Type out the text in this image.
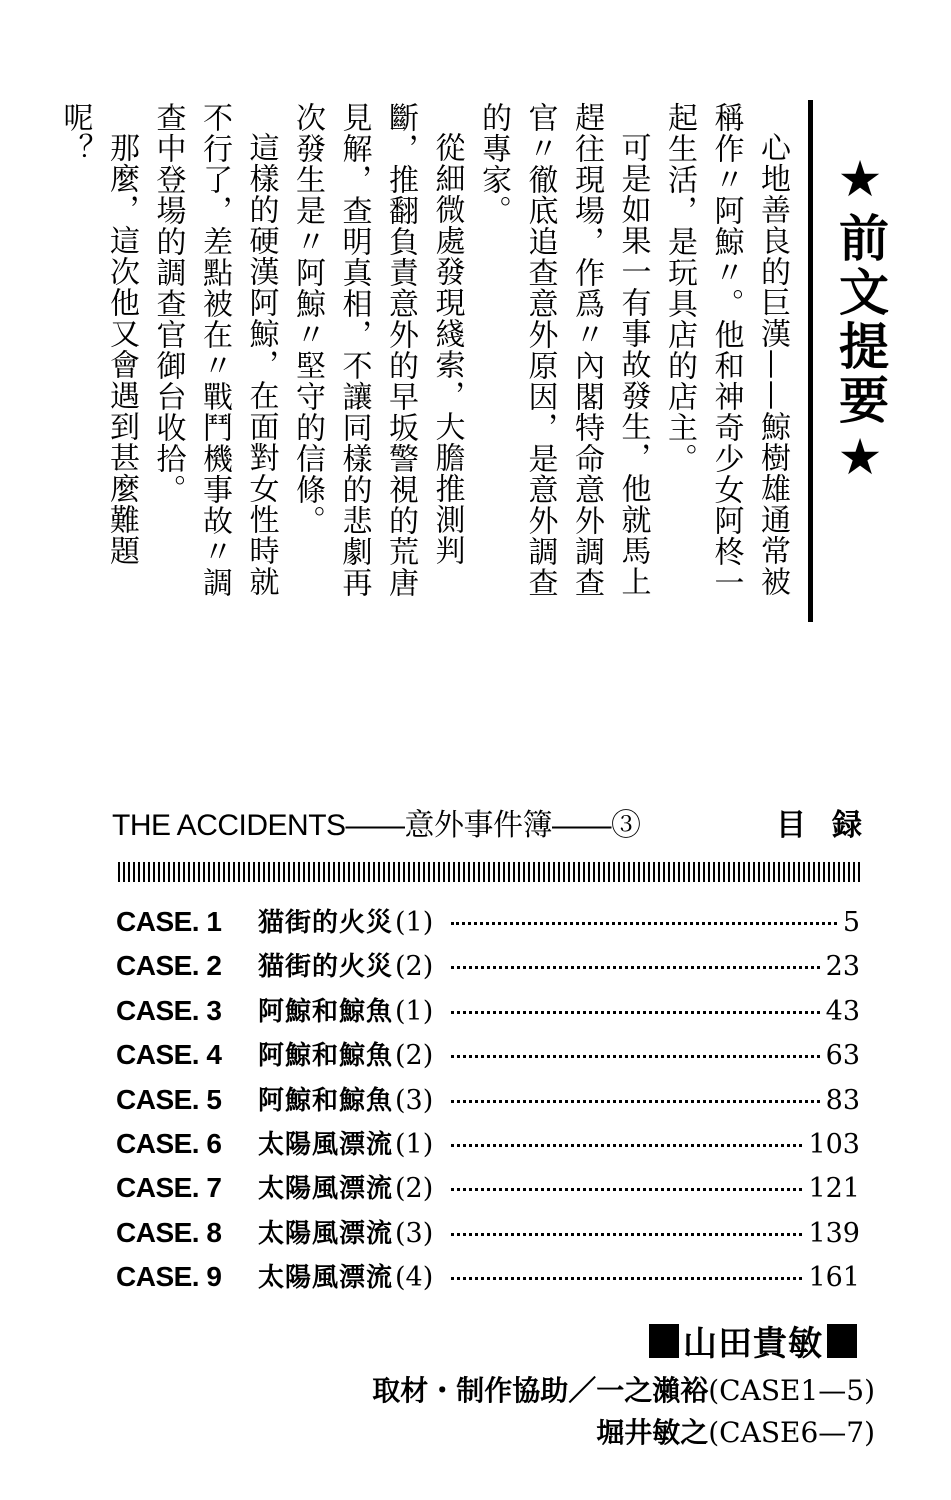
★前文提要★

心地善良的巨漢——鯨樹雄通常被稱作〃阿鯨〃。他和神奇少女阿柊一起生活，是玩具店的店主。

可是如果一有事故發生，他就馬上趕往現場，作爲〃內閣特命意外調查官〃徹底追查意外原因，是意外調查的專家。

從細微處發現綫索，大膽推測判斷，推翻負責意外的早坂警視的荒唐見解，查明真相，不讓同樣的悲劇再次發生是〃阿鯨〃堅守的信條。

這樣的硬漢阿鯨，在面對女性時就不行了，差點被在〃戰鬥機事故〃調查中登場的調查官御台收拾。

那麼，這次他又會遇到甚麼難題呢？

THE ACCIDENTS——意外事件簿——③	目録
CASE. 1	猫街的火災 (1)	5
CASE. 2	猫街的火災 (2)	23
CASE. 3	阿鯨和鯨魚 (1)	43
CASE. 4	阿鯨和鯨魚 (2)	63
CASE. 5	阿鯨和鯨魚 (3)	83
CASE. 6	太陽風漂流 (1)	103
CASE. 7	太陽風漂流 (2)	121
CASE. 8	太陽風漂流 (3)	139
CASE. 9	太陽風漂流 (4)	161
山田貴敏
取材・制作協助／一之瀨裕(CASE1—5)
堀井敏之(CASE6—7)
